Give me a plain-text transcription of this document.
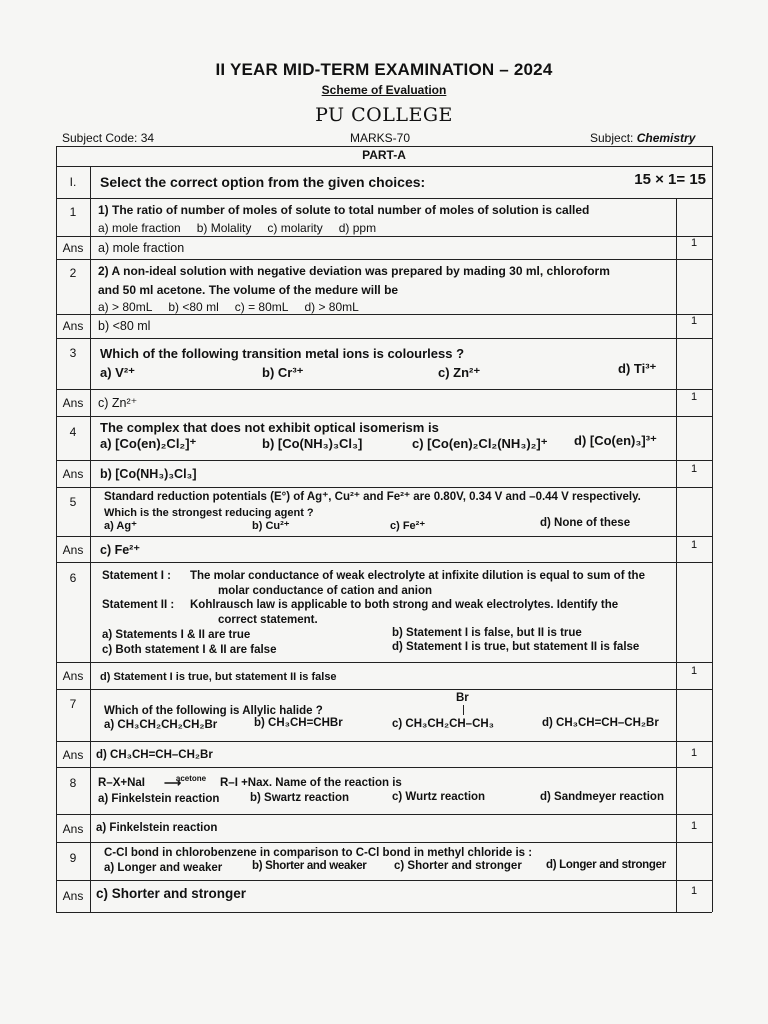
II YEAR MID-TERM EXAMINATION – 2024
Scheme of Evaluation
PU COLLEGE
Subject Code: 34	MARKS-70	Subject: Chemistry
PART-A
I.	Select the correct option from the given choices:	15 × 1= 15
1	1) The ratio of number of moles of solute to total number of moles of solution is called
a) mole fraction b) Molality c) molarity d) ppm
Ans	a) mole fraction	1
2	2) A non-ideal solution with negative deviation was prepared by mading 30 ml, chloroform
and 50 ml acetone. The volume of the medure will be
a) > 80mL b) <80 ml c) = 80mL d) > 80mL
Ans	b) <80 ml	1
3	Which of the following transition metal ions is colourless ?
a) V²⁺	b) Cr³⁺	c) Zn²⁺	d) Ti³⁺
Ans	c) Zn²⁺	1
4	The complex that does not exhibit optical isomerism is
a) [Co(en)₂Cl₂]⁺	b) [Co(NH₃)₃Cl₃]	c) [Co(en)₂Cl₂(NH₃)₂]⁺ d) [Co(en)₃]³⁺
Ans	b) [Co(NH₃)₃Cl₃]	1
5	Standard reduction potentials (E°) of Ag⁺, Cu²⁺ and Fe²⁺ are 0.80V, 0.34 V and –0.44 V respectively.
Which is the strongest reducing agent ?
a) Ag⁺	b) Cu²⁺	c) Fe²⁺	d) None of these
Ans	c) Fe²⁺	1
6	Statement I : The molar conductance of weak electrolyte at infixite dilution is equal to sum of the
molar conductance of cation and anion
Statement II : Kohlrausch law is applicable to both strong and weak electrolytes. Identify the
correct statement.
a) Statements I & II are true	b) Statement I is false, but II is true
c) Both statement I & II are false	d) Statement I is true, but statement II is false
Ans	d) Statement I is true, but statement II is false	1
7	Which of the following is Allylic halide ?
Br
a) CH₃CH₂CH₂CH₂Br	b) CH₃CH=CHBr	c) CH₃CH₂CH–CH₃	d) CH₃CH=CH–CH₂Br
Ans	d) CH₃CH=CH–CH₂Br	1
8	R–X+NaI	acetone
⟶	R–I +Nax. Name of the reaction is
a) Finkelstein reaction	b) Swartz reaction	c) Wurtz reaction	d) Sandmeyer reaction
Ans	a) Finkelstein reaction	1
9	C-Cl bond in chlorobenzene in comparison to C-Cl bond in methyl chloride is :
a) Longer and weaker	b) Shorter and weaker c) Shorter and stronger d) Longer and stronger
Ans c) Shorter and stronger	1
